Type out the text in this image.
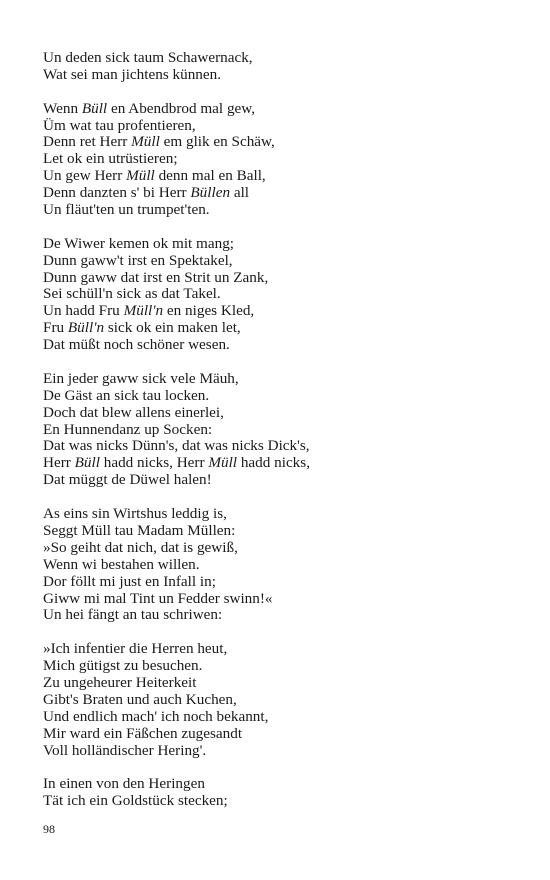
Un deden sick taum Schawernack,
Wat sei man jichtens künnen.
Wenn Büll en Abendbrod mal gew,
Üm wat tau profentieren,
Denn ret Herr Müll em glik en Schäw,
Let ok ein utrüstieren;
Un gew Herr Müll denn mal en Ball,
Denn danzten s' bi Herr Büllen all
Un fläut'ten un trumpet'ten.
De Wiwer kemen ok mit mang;
Dunn gaww't irst en Spektakel,
Dunn gaww dat irst en Strit un Zank,
Sei schüll'n sick as dat Takel.
Un hadd Fru Müll'n en niges Kled,
Fru Büll'n sick ok ein maken let,
Dat müßt noch schöner wesen.
Ein jeder gaww sick vele Mäuh,
De Gäst an sick tau locken.
Doch dat blew allens einerlei,
En Hunnendanz up Socken:
Dat was nicks Dünn's, dat was nicks Dick's,
Herr Büll hadd nicks, Herr Müll hadd nicks,
Dat müggt de Düwel halen!
As eins sin Wirtshus leddig is,
Seggt Müll tau Madam Müllen:
»So geiht dat nich, dat is gewiß,
Wenn wi bestahen willen.
Dor föllt mi just en Infall in;
Giww mi mal Tint un Fedder swinn!«
Un hei fängt an tau schriwen:
»Ich infentier die Herren heut,
Mich gütigst zu besuchen.
Zu ungeheurer Heiterkeit
Gibt's Braten und auch Kuchen,
Und endlich mach' ich noch bekannt,
Mir ward ein Fäßchen zugesandt
Voll holländischer Hering'.
In einen von den Heringen
Tät ich ein Goldstück stecken;
98
